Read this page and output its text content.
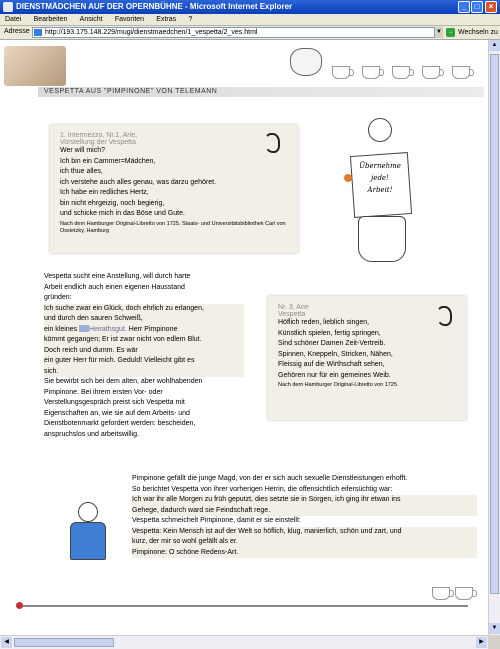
DIENSTMÄDCHEN AUF DER OPERNBÜHNE - Microsoft Internet Explorer	_	□	×
Datei Bearbeiten Ansicht Favoriten Extras ?
Adresse	http://193.175.148.229/mugi/dienstmaedchen/1_vespetta/2_ves.html	▼ → Wechseln zu
VESPETTA AUS "PIMPINONE" VON TELEMANN
1. Intermezzo, Nr.1, Arie,
Vorstellung der Vespetta
Wer will mich?
Ich bin ein Cammer=Mädchen,
ich thue alles,
ich verstehe auch alles genau, was darzu gehöret.
Ich habe ein redliches Hertz,
bin nicht ehrgeizig, noch begierig,
und schicke mich in das Böse und Gute.
Nach dem Hamburger Original-Libretto von 1725. Staats- und Universitätsbibliothek Carl von Ossietzky, Hamburg
Übernehme
jede!
Arbeit!
Vespetta sucht eine Anstellung, will durch harte
Arbeit endlich auch einen eigenen Hausstand
gründen:
Ich suche zwar ein Glück, doch ehrlich zu erlangen,
und durch den sauren Schweiß,
ein kleines Heirathsgut. Herr Pimpinone
kömmt gegangen; Er ist zwar nicht von edlem Blut.
Doch reich und dumm. Es wär
ein guter Herr für mich. Geduld! Vielleicht gibt es
sich.
Sie bewirbt sich bei dem alten, aber wohlhabenden
Pimpinone. Bei ihrem ersten Vor- oder
Verstellungsgespräch preist sich Vespetta mit
Eigenschaften an, wie sie auf dem Arbeits- und
Dienstbotenmarkt gefordert werden: bescheiden,
anspruchslos und arbeitswillig.
Nr. 3, Arie
Vespetta
Höflich reden, lieblich singen,
Künstlich spielen, fertig springen,
Sind schöner Damen Zeit-Vertreib.
Spinnen, Kneppeln, Stricken, Nähen,
Fleissig auf die Wirthschaft sehen,
Gehören nur für ein gemeines Weib.
Nach dem Hamburger Original-Libretto von 1725.
Pimpinone gefällt die junge Magd, von der er sich auch sexuelle Dienstleistungen erhofft.
So berichtet Vespetta von ihrer vorherigen Herrin, die offensichtlich eifersüchtig war:
Ich war ihr alle Morgen zu früh geputzt, dies setzte sie in Sorgen, ich ging ihr etwan ins
Gehege, dadurch ward sie Feindschaft rege.
Vespetta schmeichelt Pimpinone, damit er sie einstellt:
Vespetta: Kein Mensch ist auf der Welt so höflich, klug, manierlich, schön und zart, und
kurz, der mir so wohl gefällt als er.
Pimpinone: O schöne Redens-Art.
▲
▼
◀	▶
